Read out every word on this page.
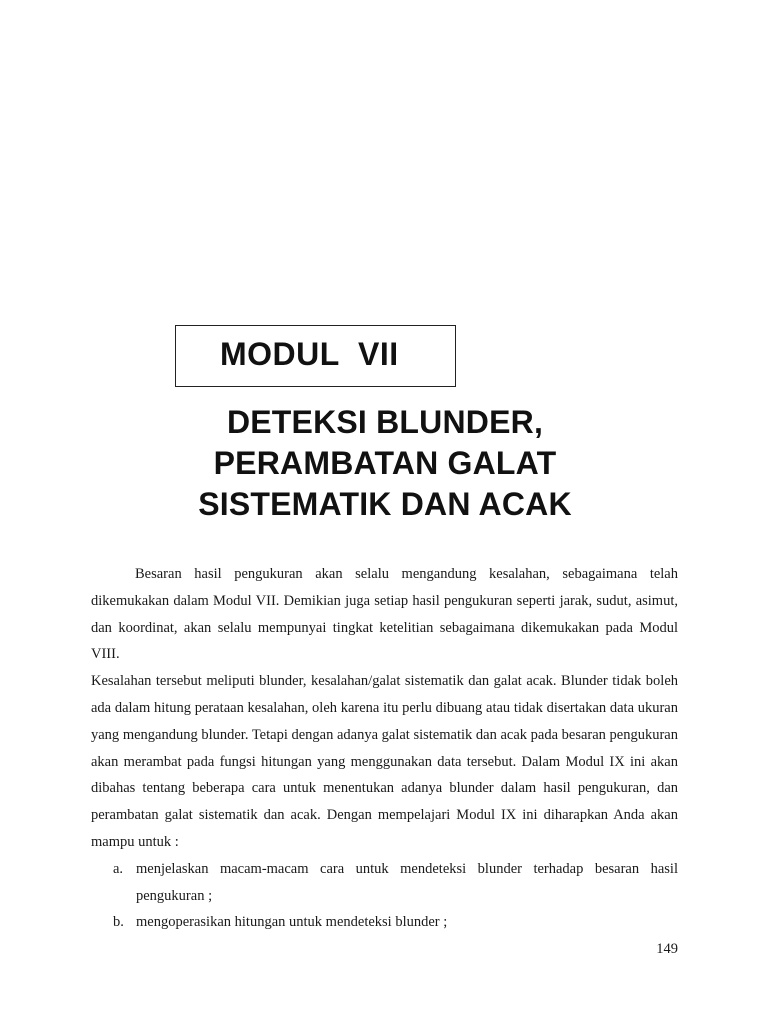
MODUL  VII
DETEKSI BLUNDER,
PERAMBATAN GALAT
SISTEMATIK DAN ACAK

Besaran hasil pengukuran akan selalu mengandung kesalahan, sebagaimana telah dikemukakan dalam Modul VII. Demikian juga setiap hasil pengukuran seperti jarak, sudut, asimut, dan koordinat, akan selalu mempunyai tingkat ketelitian sebagaimana dikemukakan pada Modul VIII.

Kesalahan tersebut meliputi blunder, kesalahan/galat sistematik dan galat acak. Blunder tidak boleh ada dalam hitung perataan kesalahan, oleh karena itu perlu dibuang atau tidak disertakan data ukuran yang mengandung blunder. Tetapi dengan adanya galat sistematik dan acak pada besaran pengukuran akan merambat pada fungsi hitungan yang menggunakan data tersebut. Dalam Modul IX ini akan dibahas tentang beberapa cara untuk menentukan adanya blunder dalam hasil pengukuran, dan perambatan galat sistematik dan acak. Dengan mempelajari Modul IX ini diharapkan Anda akan mampu untuk :

a. menjelaskan macam-macam cara untuk mendeteksi blunder terhadap besaran hasil pengukuran ;
b. mengoperasikan hitungan untuk mendeteksi blunder ;
149
